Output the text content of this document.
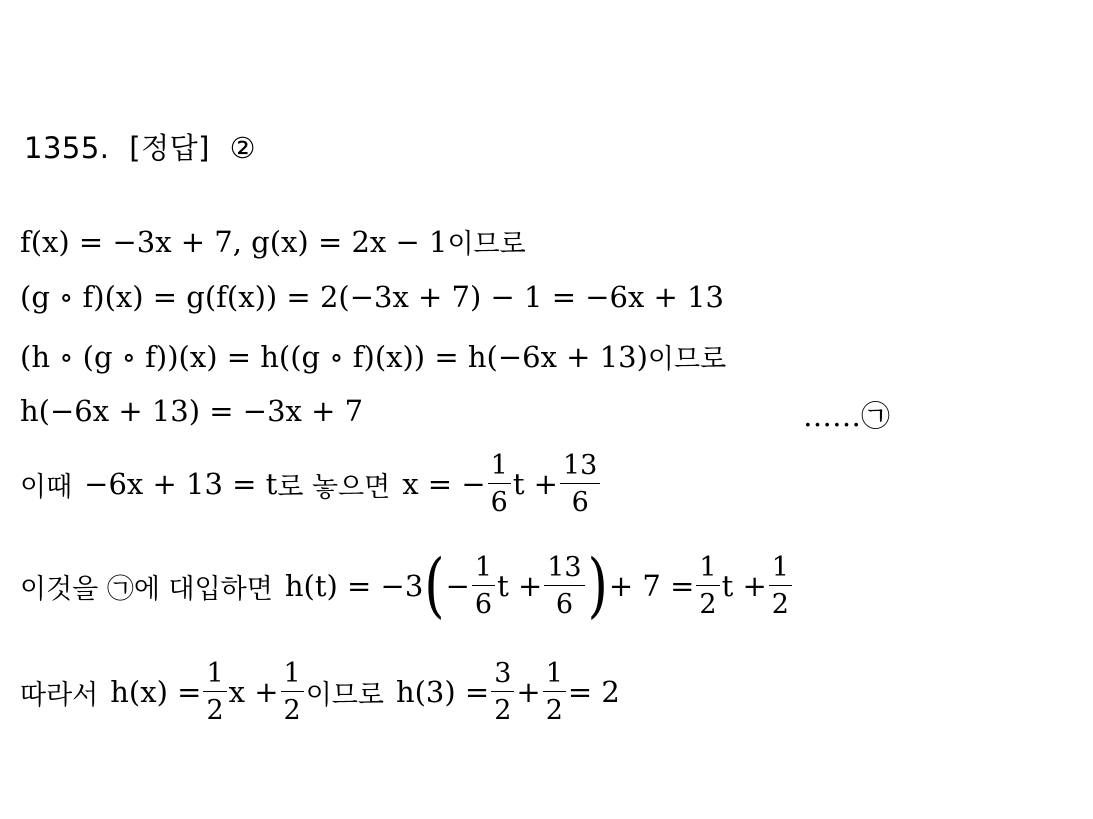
1355. [정답] ②
f(x) = −3x + 7, g(x) = 2x − 1 이므로
(g ∘ f)(x) = g(f(x)) = 2(−3x + 7) − 1 = −6x + 13
(h ∘ (g ∘ f))(x) = h((g ∘ f)(x)) = h(−6x + 13) 이므로
h(−6x + 13) = −3x + 7	……㉠
이때 −6x + 13 = t 로 놓으면 x = − $\frac{1}{6}$ $t + \frac{13}{6}$
이것을 ㉠에 대입하면 h(t) = −3 ( − $\frac{1}{6}$ $t + \frac{13}{6}$ ) + $7 = \frac{1}{2}$ $t + \frac{1}{2}$
따라서 $h(x) = \frac{1}{2}$ $x + \frac{1}{2}$ 이므로 $h(3) = \frac{3}{2} + \frac{1}{2} = 2$
